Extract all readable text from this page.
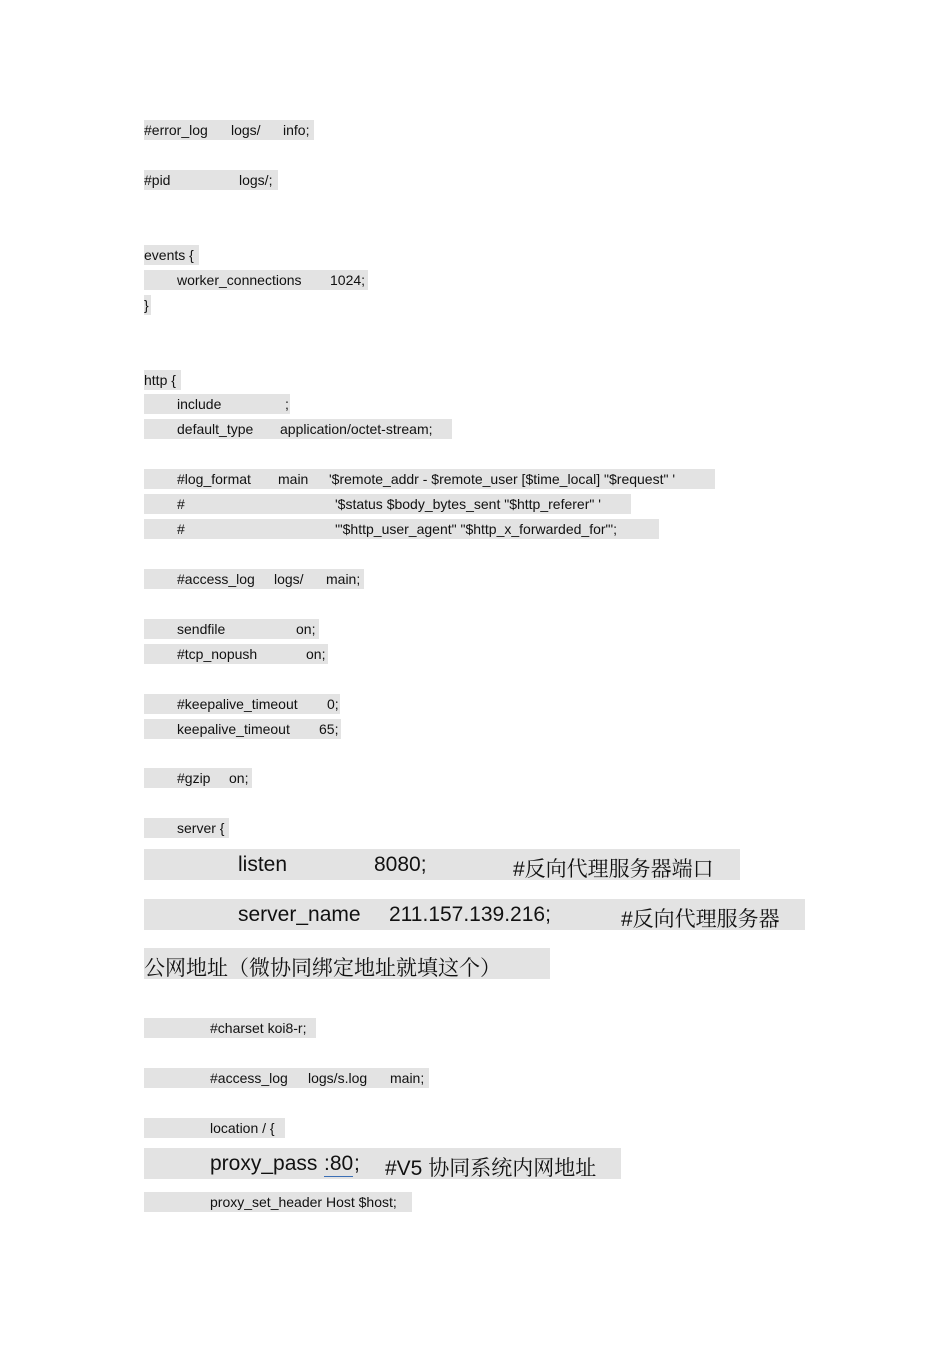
#error_log

logs/

info;

#pid

	logs/;

events {

worker_connections

1024;

}

http {

include

	;

default_type

application/octet-stream;

#log_format

main

'$remote_addr - $remote_user [$time_local] "$request" '

#

	'$status $body_bytes_sent "$http_referer" '

#

	'"$http_user_agent" "$http_x_forwarded_for"';

#access_log

logs/

main;

sendfile

	on;

#tcp_nopush

	on;

#keepalive_timeout

0;

keepalive_timeout

65;

#gzip

on;

server {

listen

	8080;

	#反向代理服务器端口

server_name

211.157.139.216;

	#反向代理服务器

公网地址（微协同绑定地址就填这个）

#charset koi8-r;

#access_log

logs/s.log

main;

location / {

proxy_pass

:80

;

#V5 协同系统内网地址

proxy_set_header Host $host;
